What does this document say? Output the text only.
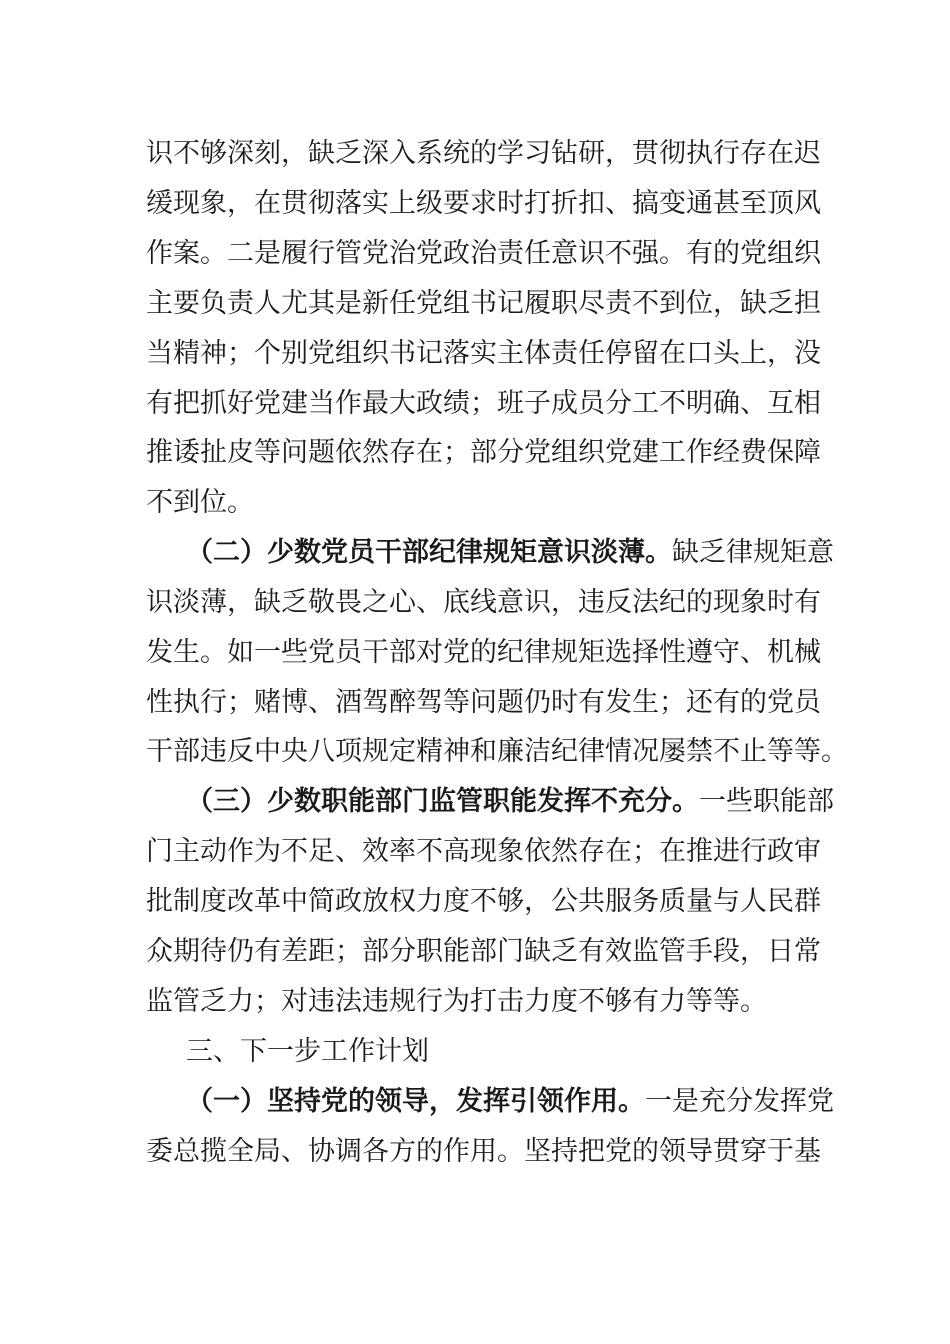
识不够深刻，缺乏深入系统的学习钻研，贯彻执行存在迟
缓现象，在贯彻落实上级要求时打折扣、搞变通甚至顶风
作案。二是履行管党治党政治责任意识不强。有的党组织
主要负责人尤其是新任党组书记履职尽责不到位，缺乏担
当精神；个别党组织书记落实主体责任停留在口头上，没
有把抓好党建当作最大政绩；班子成员分工不明确、互相
推诿扯皮等问题依然存在；部分党组织党建工作经费保障
不到位。
（二）少数党员干部纪律规矩意识淡薄。缺乏律规矩意
识淡薄，缺乏敬畏之心、底线意识，违反法纪的现象时有
发生。如一些党员干部对党的纪律规矩选择性遵守、机械
性执行；赌博、酒驾醉驾等问题仍时有发生；还有的党员
干部违反中央八项规定精神和廉洁纪律情况屡禁不止等等。
（三）少数职能部门监管职能发挥不充分。一些职能部
门主动作为不足、效率不高现象依然存在；在推进行政审
批制度改革中简政放权力度不够，公共服务质量与人民群
众期待仍有差距；部分职能部门缺乏有效监管手段，日常
监管乏力；对违法违规行为打击力度不够有力等等。
三、下一步工作计划
（一）坚持党的领导，发挥引领作用。一是充分发挥党
委总揽全局、协调各方的作用。坚持把党的领导贯穿于基
